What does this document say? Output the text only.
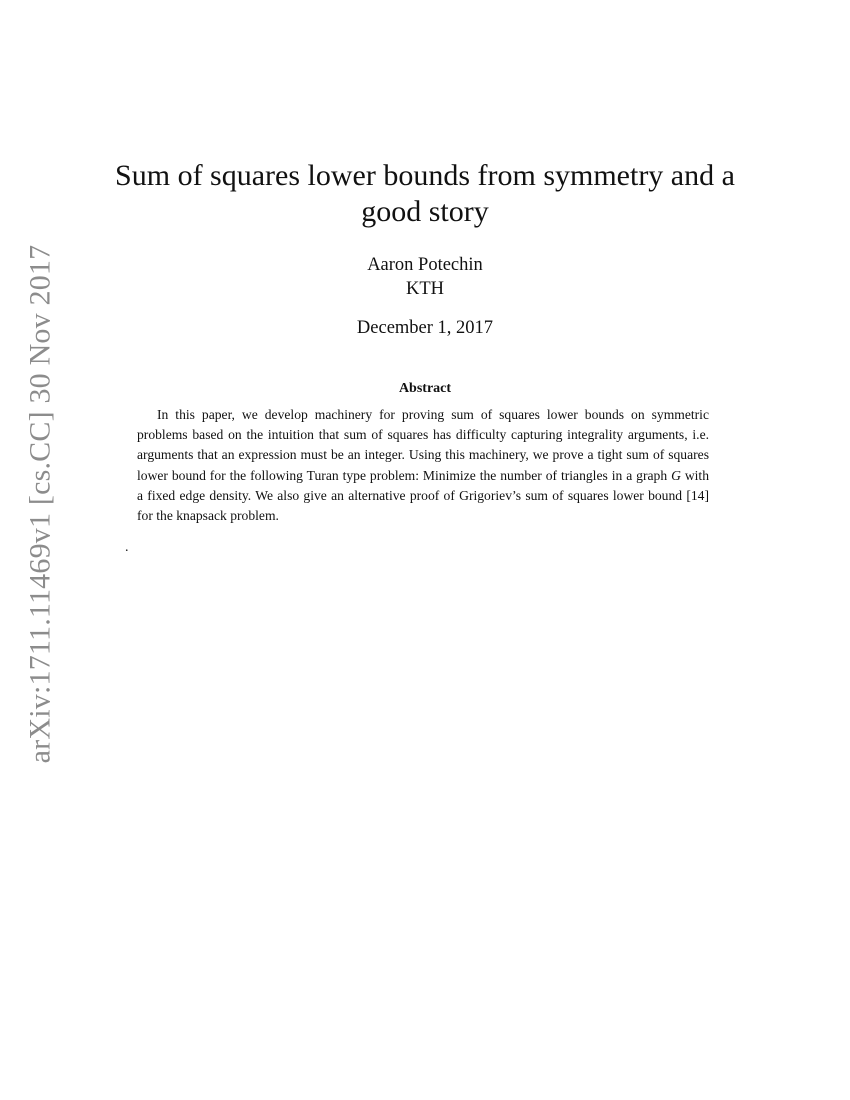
arXiv:1711.11469v1 [cs.CC] 30 Nov 2017
Sum of squares lower bounds from symmetry and a good story
Aaron Potechin
KTH
December 1, 2017
Abstract

In this paper, we develop machinery for proving sum of squares lower bounds on symmetric problems based on the intuition that sum of squares has difficulty capturing integrality arguments, i.e. arguments that an expression must be an integer. Using this machinery, we prove a tight sum of squares lower bound for the following Turan type problem: Minimize the number of triangles in a graph G with a fixed edge density. We also give an alternative proof of Grigoriev’s sum of squares lower bound [14] for the knapsack problem.

.
